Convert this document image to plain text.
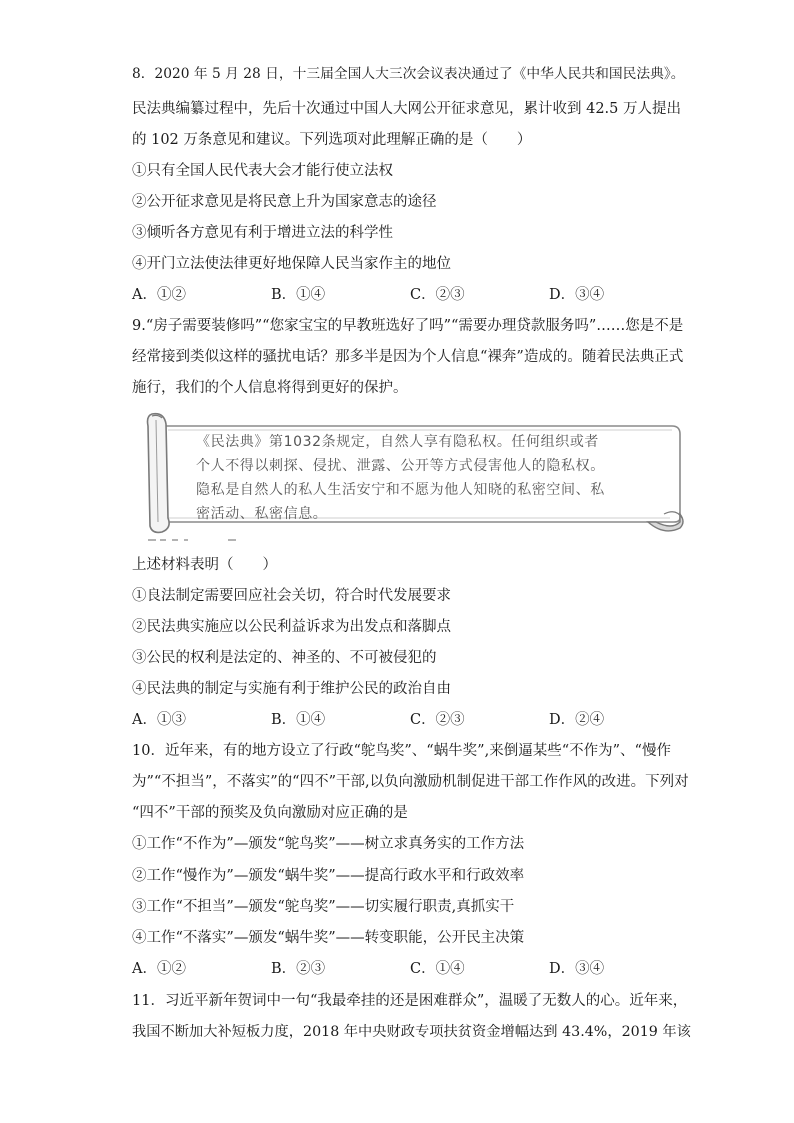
8．2020 年 5 月 28 日，十三届全国人大三次会议表决通过了《中华人民共和国民法典》。
民法典编纂过程中，先后十次通过中国人大网公开征求意见，累计收到 42.5 万人提出
的 102 万条意见和建议。下列选项对此理解正确的是（　　）
①只有全国人民代表大会才能行使立法权
②公开征求意见是将民意上升为国家意志的途径
③倾听各方意见有利于增进立法的科学性
④开门立法使法律更好地保障人民当家作主的地位
A．①②	B．①④	C．②③	D．③④
9.“房子需要装修吗”“您家宝宝的早教班选好了吗”“需要办理贷款服务吗”……您是不是
经常接到类似这样的骚扰电话？那多半是因为个人信息“裸奔”造成的。随着民法典正式
施行，我们的个人信息将得到更好的保护。
《民法典》第1032条规定，自然人享有隐私权。任何组织或者 个人不得以刺探、侵扰、泄露、公开等方式侵害他人的隐私权。 隐私是自然人的私人生活安宁和不愿为他人知晓的私密空间、私 密活动、私密信息。
上述材料表明（　　）
①良法制定需要回应社会关切，符合时代发展要求
②民法典实施应以公民利益诉求为出发点和落脚点
③公民的权利是法定的、神圣的、不可被侵犯的
④民法典的制定与实施有利于维护公民的政治自由
A．①③	B．①④	C．②③	D．②④
10．近年来，有的地方设立了行政“鸵鸟奖”、“蜗牛奖”,来倒逼某些“不作为”、“慢作
为”“不担当”，不落实”的“四不”干部,以负向激励机制促进干部工作作风的改进。下列对
“四不”干部的预奖及负向激励对应正确的是
①工作“不作为”—颁发“鸵鸟奖”——树立求真务实的工作方法
②工作“慢作为”—颁发“蜗牛奖”——提高行政水平和行政效率
③工作“不担当”—颁发“鸵鸟奖”——切实履行职责,真抓实干
④工作“不落实”—颁发“蜗牛奖”——转变职能，公开民主决策
A．①②	B．②③	C．①④	D．③④
11．习近平新年贺词中一句“我最牵挂的还是困难群众”，温暖了无数人的心。近年来，
我国不断加大补短板力度，2018 年中央财政专项扶贫资金增幅达到 43.4%，2019 年该
